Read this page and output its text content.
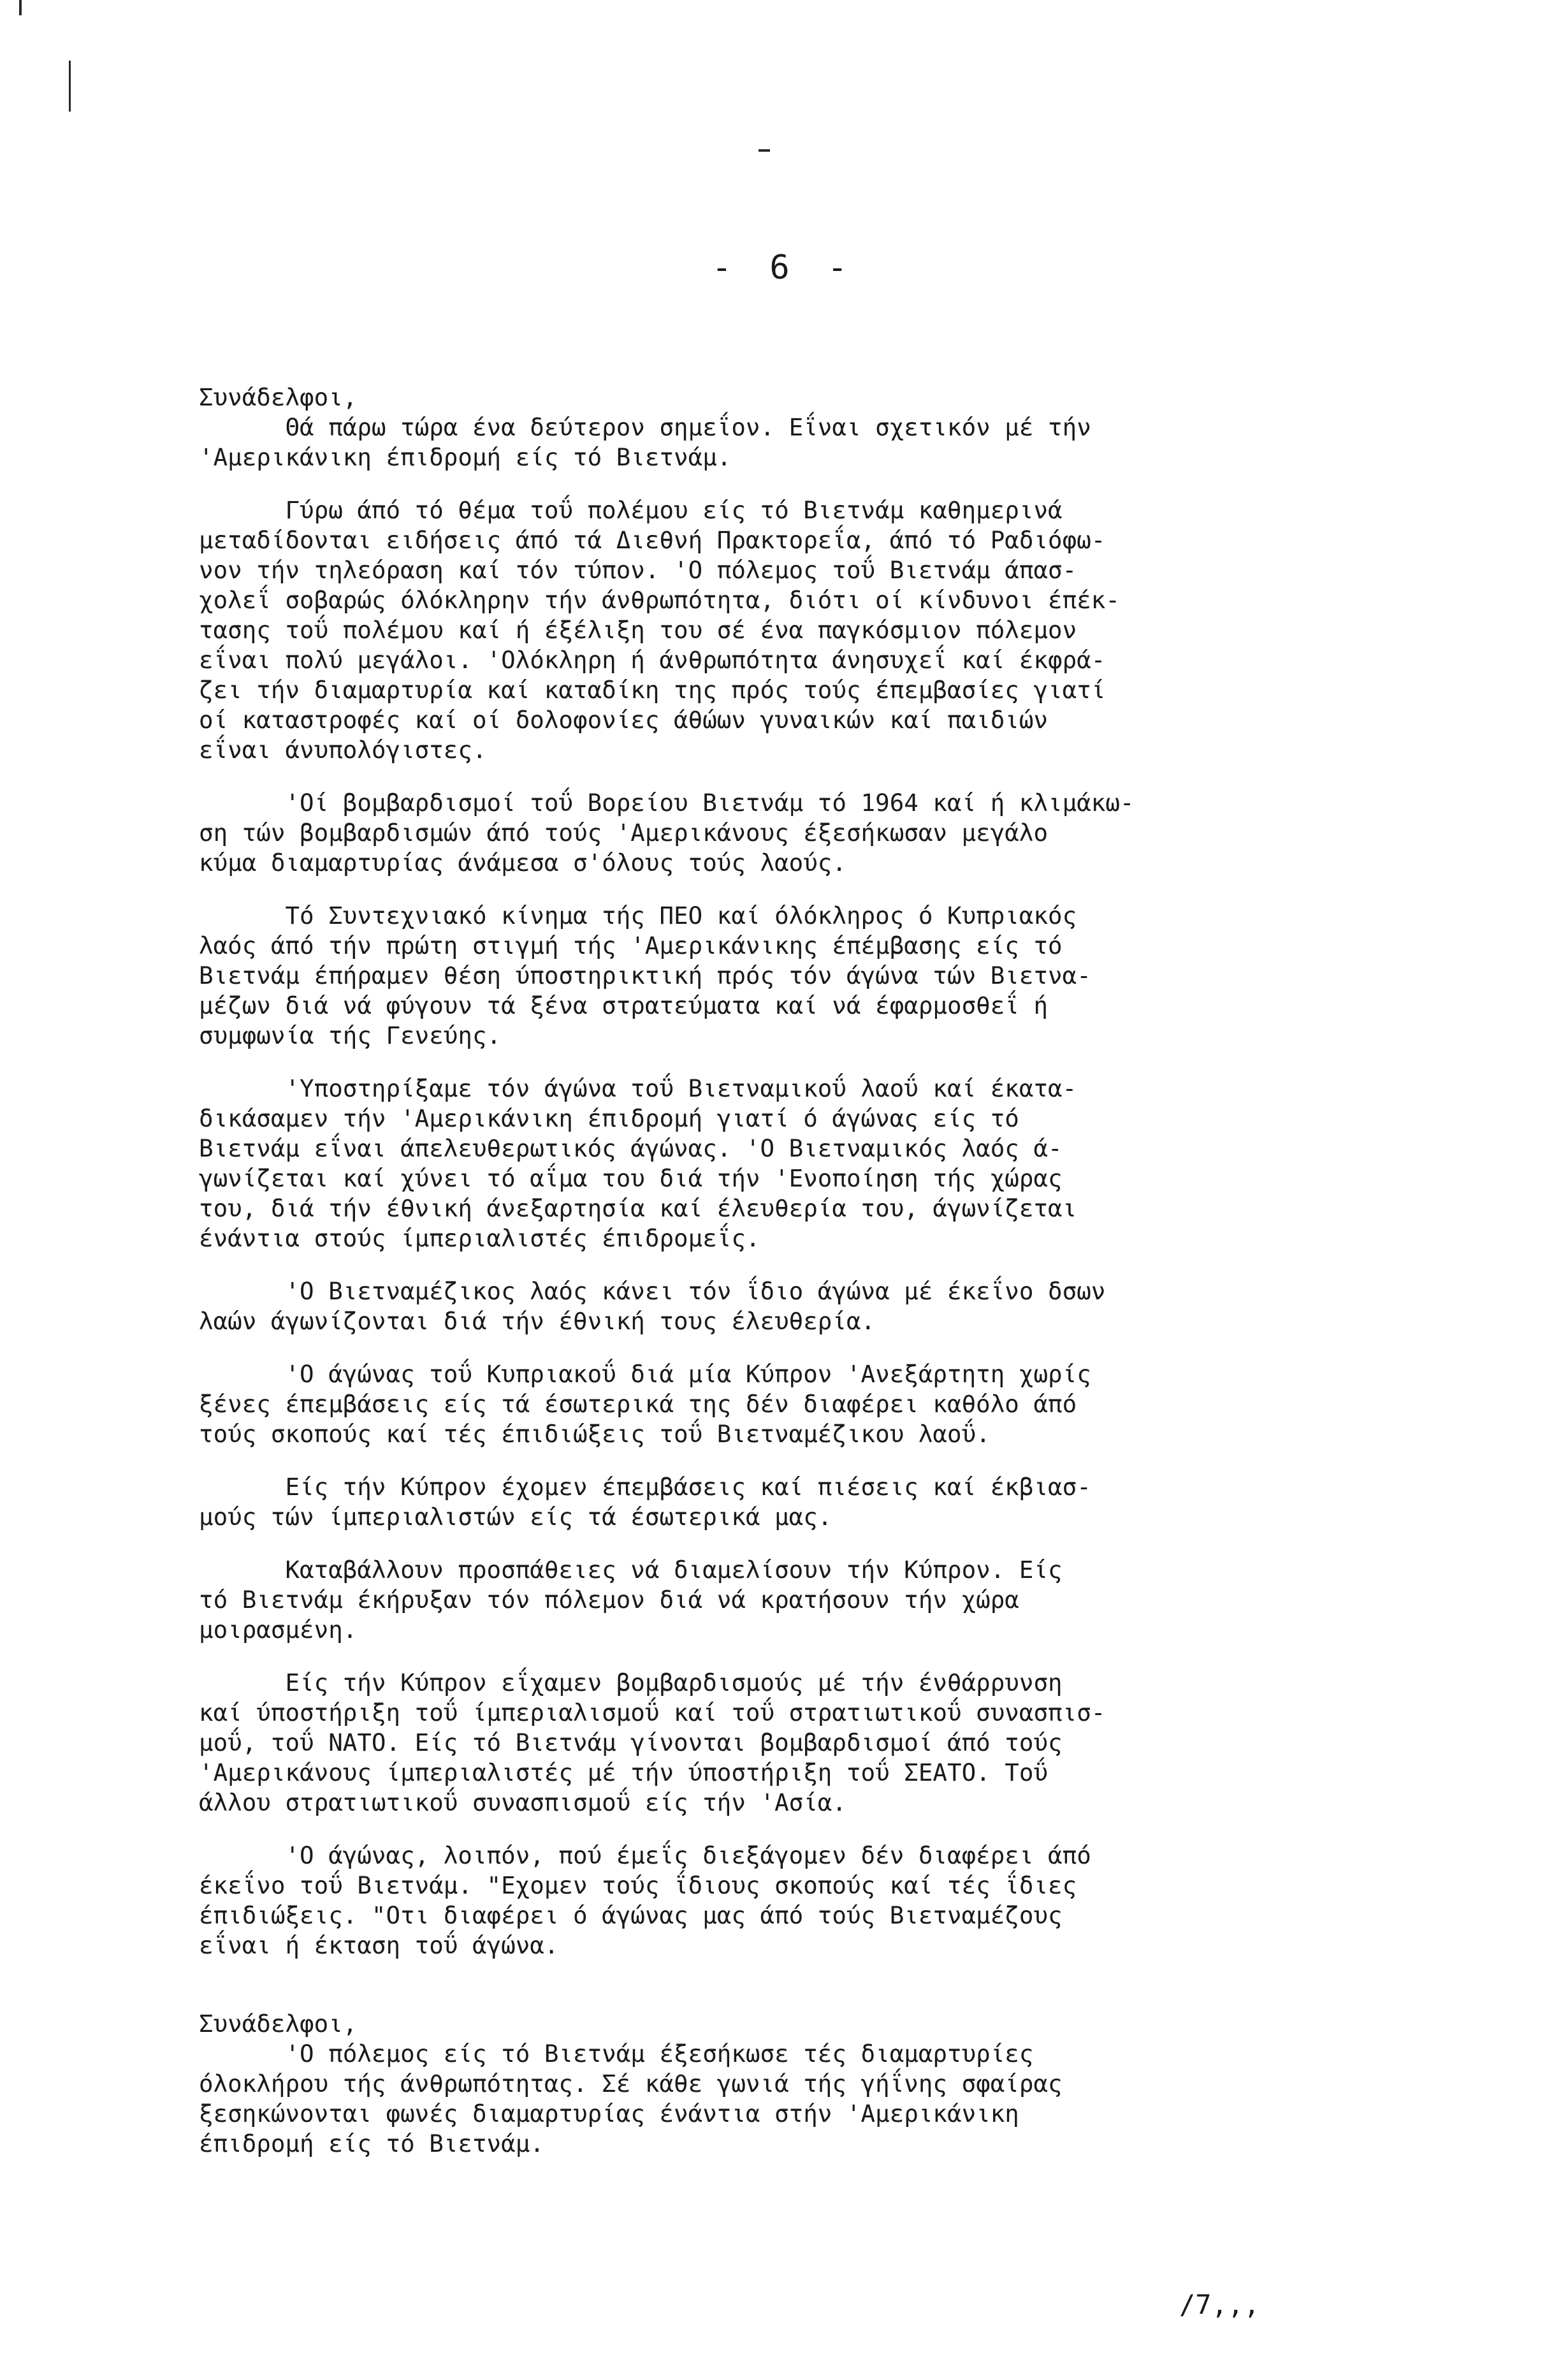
- 6 -

Συνάδελφοι,

Θά πάρω τώρα ένα δεύτερον σημεΐον. Εΐναι σχετικόν μέ τήν
'Αμερικάνικη έπιδρομή είς τό Βιετνάμ.

Γύρω άπό τό θέμα τοΰ πολέμου είς τό Βιετνάμ καθημερινά
μεταδίδονται ειδήσεις άπό τά Διεθνή Πρακτορεΐα, άπό τό Ραδιόφω-
νον τήν τηλεόραση καί τόν τύπον. 'Ο πόλεμος τοΰ Βιετνάμ άπασ-
χολεΐ σοβαρώς όλόκληρην τήν άνθρωπότητα, διότι οί κίνδυνοι έπέκ-
τασης τοΰ πολέμου καί ή έξέλιξη του σέ ένα παγκόσμιον πόλεμον
εΐναι πολύ μεγάλοι. 'Ολόκληρη ή άνθρωπότητα άνησυχεΐ καί έκφρά-
ζει τήν διαμαρτυρία καί καταδίκη της πρός τούς έπεμβασίες γιατί
οί καταστροφές καί οί δολοφονίες άθώων γυναικών καί παιδιών
εΐναι άνυπολόγιστες.

'Οί βομβαρδισμοί τοΰ Βορείου Βιετνάμ τό 1964 καί ή κλιμάκω-
ση τών βομβαρδισμών άπό τούς 'Αμερικάνους έξεσήκωσαν μεγάλο
κύμα διαμαρτυρίας άνάμεσα σ'όλους τούς λαούς.

Τό Συντεχνιακό κίνημα τής ΠΕΟ καί όλόκληρος ό Κυπριακός
λαός άπό τήν πρώτη στιγμή τής 'Αμερικάνικης έπέμβασης είς τό
Βιετνάμ έπήραμεν θέση ύποστηρικτική πρός τόν άγώνα τών Βιετνα-
μέζων διά νά φύγουν τά ξένα στρατεύματα καί νά έφαρμοσθεΐ ή
συμφωνία τής Γενεύης.

'Υποστηρίξαμε τόν άγώνα τοΰ Βιετναμικοΰ λαοΰ καί έκατα-
δικάσαμεν τήν 'Αμερικάνικη έπιδρομή γιατί ό άγώνας είς τό
Βιετνάμ εΐναι άπελευθερωτικός άγώνας. 'Ο Βιετναμικός λαός ά-
γωνίζεται καί χύνει τό αΐμα του διά τήν 'Ενοποίηση τής χώρας
του, διά τήν έθνική άνεξαρτησία καί έλευθερία του, άγωνίζεται
ένάντια στούς ίμπεριαλιστές έπιδρομεΐς.

'Ο Βιετναμέζικος λαός κάνει τόν ΐδιο άγώνα μέ έκεΐνο δσων
λαών άγωνίζονται διά τήν έθνική τους έλευθερία.

'Ο άγώνας τοΰ Κυπριακοΰ διά μία Κύπρον 'Ανεξάρτητη χωρίς
ξένες έπεμβάσεις είς τά έσωτερικά της δέν διαφέρει καθόλο άπό
τούς σκοπούς καί τές έπιδιώξεις τοΰ Βιετναμέζικου λαοΰ.

Είς τήν Κύπρον έχομεν έπεμβάσεις καί πιέσεις καί έκβιασ-
μούς τών ίμπεριαλιστών είς τά έσωτερικά μας.

Καταβάλλουν προσπάθειες νά διαμελίσουν τήν Κύπρον. Είς
τό Βιετνάμ έκήρυξαν τόν πόλεμον διά νά κρατήσουν τήν χώρα
μοιρασμένη.

Είς τήν Κύπρον εΐχαμεν βομβαρδισμούς μέ τήν ένθάρρυνση
καί ύποστήριξη τοΰ ίμπεριαλισμοΰ καί τοΰ στρατιωτικοΰ συνασπισ-
μοΰ, τοΰ ΝΑΤΟ. Είς τό Βιετνάμ γίνονται βομβαρδισμοί άπό τούς
'Αμερικάνους ίμπεριαλιστές μέ τήν ύποστήριξη τοΰ ΣΕΑΤΟ. Τοΰ
άλλου στρατιωτικοΰ συνασπισμοΰ είς τήν 'Ασία.

'Ο άγώνας, λοιπόν, πού έμεΐς διεξάγομεν δέν διαφέρει άπό
έκεΐνο τοΰ Βιετνάμ. "Εχομεν τούς ΐδιους σκοπούς καί τές ΐδιες
έπιδιώξεις. "Οτι διαφέρει ό άγώνας μας άπό τούς Βιετναμέζους
εΐναι ή έκταση τοΰ άγώνα.

Συνάδελφοι,

'Ο πόλεμος είς τό Βιετνάμ έξεσήκωσε τές διαμαρτυρίες
όλοκλήρου τής άνθρωπότητας. Σέ κάθε γωνιά τής γήΐνης σφαίρας
ξεσηκώνονται φωνές διαμαρτυρίας ένάντια στήν 'Αμερικάνικη
έπιδρομή είς τό Βιετνάμ.

/7,,,
